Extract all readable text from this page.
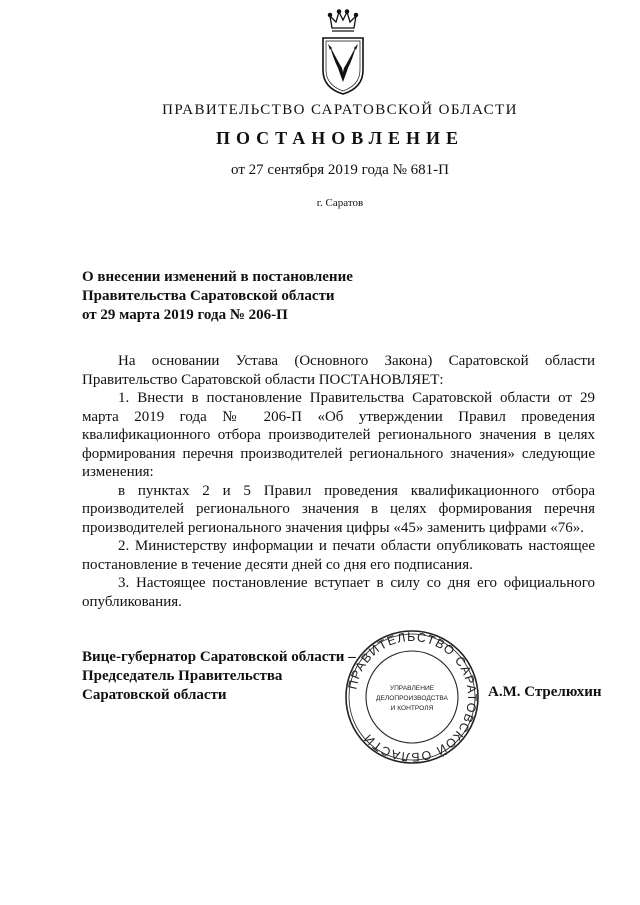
ПРАВИТЕЛЬСТВО САРАТОВСКОЙ ОБЛАСТИ
ПОСТАНОВЛЕНИЕ
от 27 сентября 2019 года № 681-П
г. Саратов
О внесении изменений в постановление
Правительства Саратовской области
от 29 марта 2019 года № 206-П

На основании Устава (Основного Закона) Саратовской области Правительство Саратовской области ПОСТАНОВЛЯЕТ:

1. Внести в постановление Правительства Саратовской области от 29 марта 2019 года № 206-П «Об утверждении Правил проведения квалификационного отбора производителей регионального значения в целях формирования перечня производителей регионального значения» следующие изменения:

в пунктах 2 и 5 Правил проведения квалификационного отбора производителей регионального значения в целях формирования перечня производителей регионального значения цифры «45» заменить цифрами «76».

2. Министерству информации и печати области опубликовать настоящее постановление в течение десяти дней со дня его подписания.

3. Настоящее постановление вступает в силу со дня его официального опубликования.

Вице-губернатор Саратовской области –
Председатель Правительства
Саратовской области
ПРАВИТЕЛЬСТВО САРАТОВСКОЙ ОБЛАСТИ
УПРАВЛЕНИЕ
ДЕЛОПРОИЗВОДСТВА
И КОНТРОЛЯ
А.М. Стрелюхин
